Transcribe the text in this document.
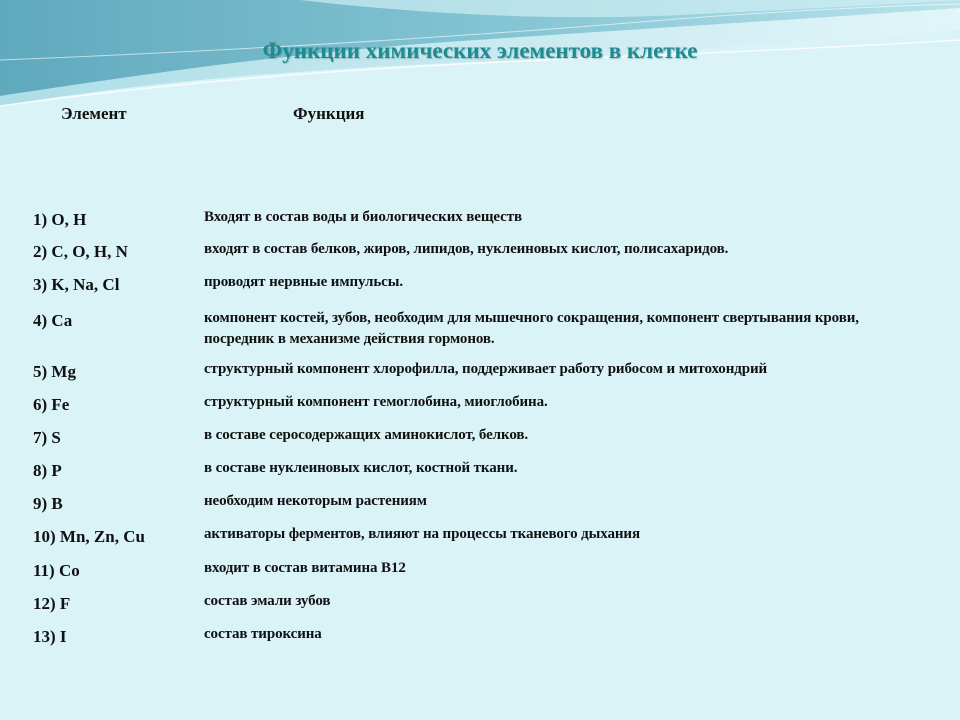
Функции химических элементов в клетке
Элемент	Функция
1) O, H	Входят в состав воды и биологических веществ
2) C, O, H, N	входят в состав белков, жиров, липидов, нуклеиновых кислот, полисахаридов.
3) K, Na, Cl	проводят нервные импульсы.
4) Ca	компонент костей, зубов, необходим для мышечного сокращения, компонент свертывания крови, посредник в механизме действия гормонов.
5) Mg	структурный компонент хлорофилла, поддерживает работу рибосом и митохондрий
6) Fe	структурный компонент гемоглобина, миоглобина.
7) S	в составе серосодержащих аминокислот, белков.
8) P	в составе нуклеиновых кислот, костной ткани.
9) B	необходим некоторым растениям
10) Mn, Zn, Cu	активаторы ферментов, влияют на процессы тканевого дыхания
11) Co	входит в состав витамина B12
12) F	состав эмали зубов
13) I	состав тироксина
